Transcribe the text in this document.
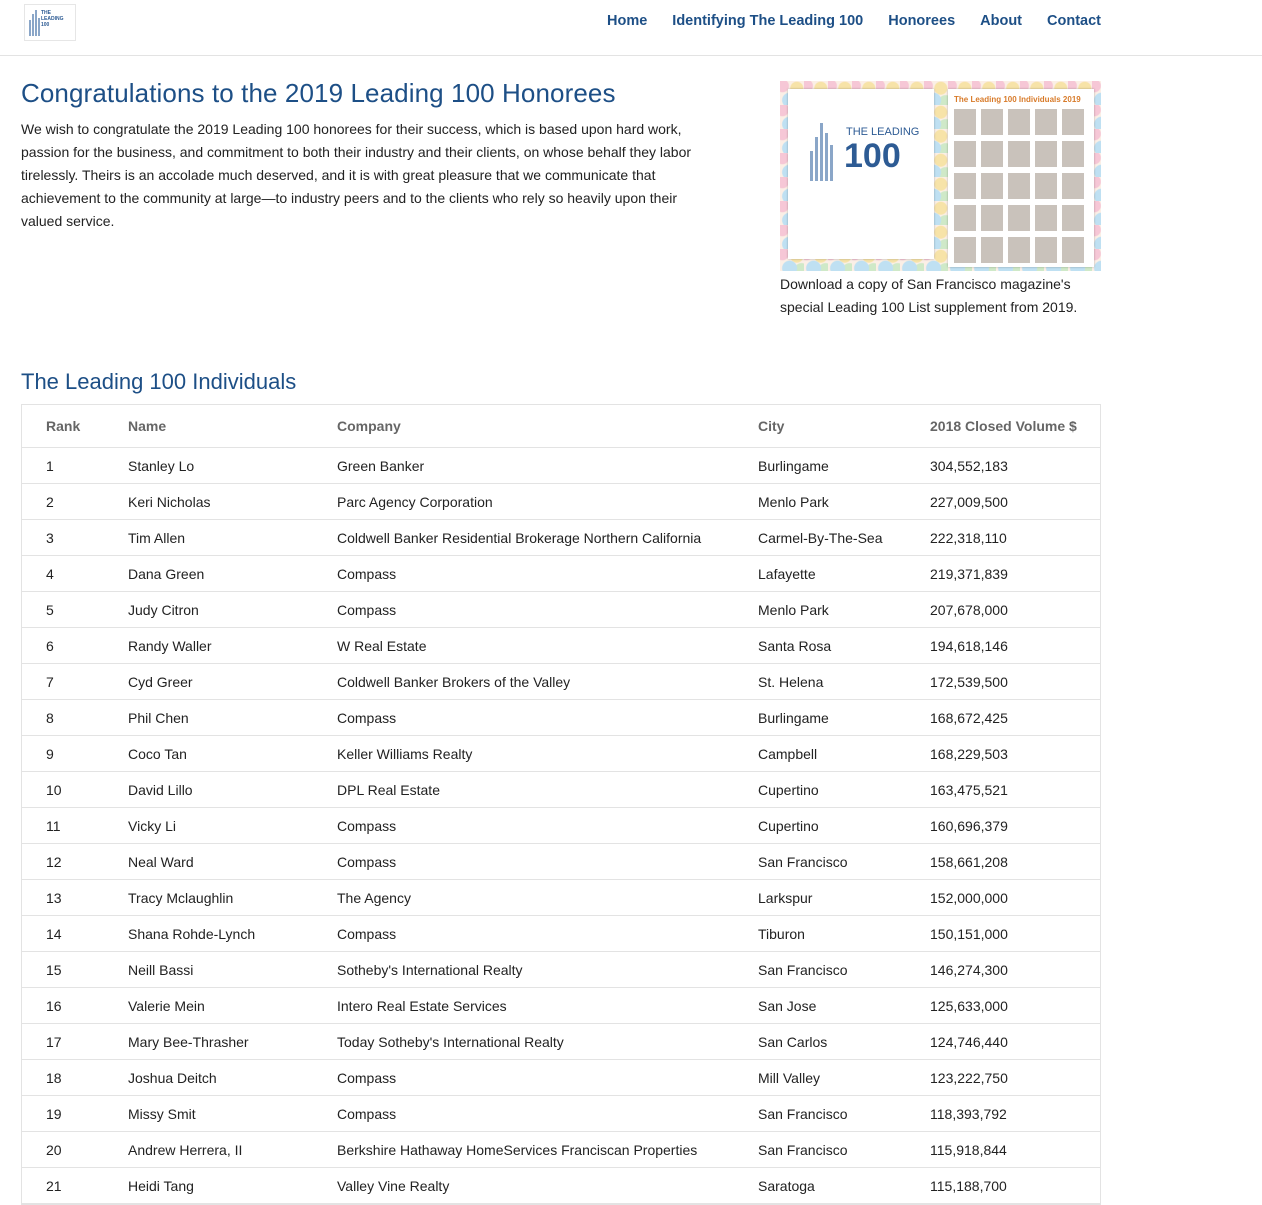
THE
LEADING
100	Home Identifying The Leading 100 Honorees About Contact
Congratulations to the 2019 Leading 100 Honorees

We wish to congratulate the 2019 Leading 100 honorees for their success, which is based upon hard work, passion for the business, and commitment to both their industry and their clients, on whose behalf they labor tirelessly. Theirs is an accolade much deserved, and it is with great pleasure that we communicate that achievement to the community at large—to industry peers and to the clients who rely so heavily upon their valued service.

THE LEADING
100
The Leading 100 Individuals 2019

Download a copy of San Francisco magazine's special Leading 100 List supplement from 2019.

The Leading 100 Individuals
Rank	Name	Company	City	2018 Closed Volume $
1	Stanley Lo	Green Banker	Burlingame	304,552,183
2	Keri Nicholas	Parc Agency Corporation	Menlo Park	227,009,500
3	Tim Allen	Coldwell Banker Residential Brokerage Northern California	Carmel-By-The-Sea	222,318,110
4	Dana Green	Compass	Lafayette	219,371,839
5	Judy Citron	Compass	Menlo Park	207,678,000
6	Randy Waller	W Real Estate	Santa Rosa	194,618,146
7	Cyd Greer	Coldwell Banker Brokers of the Valley	St. Helena	172,539,500
8	Phil Chen	Compass	Burlingame	168,672,425
9	Coco Tan	Keller Williams Realty	Campbell	168,229,503
10	David Lillo	DPL Real Estate	Cupertino	163,475,521
11	Vicky Li	Compass	Cupertino	160,696,379
12	Neal Ward	Compass	San Francisco	158,661,208
13	Tracy Mclaughlin	The Agency	Larkspur	152,000,000
14	Shana Rohde-Lynch	Compass	Tiburon	150,151,000
15	Neill Bassi	Sotheby's International Realty	San Francisco	146,274,300
16	Valerie Mein	Intero Real Estate Services	San Jose	125,633,000
17	Mary Bee-Thrasher	Today Sotheby's International Realty	San Carlos	124,746,440
18	Joshua Deitch	Compass	Mill Valley	123,222,750
19	Missy Smit	Compass	San Francisco	118,393,792
20	Andrew Herrera, II	Berkshire Hathaway HomeServices Franciscan Properties	San Francisco	115,918,844
21	Heidi Tang	Valley Vine Realty	Saratoga	115,188,700
